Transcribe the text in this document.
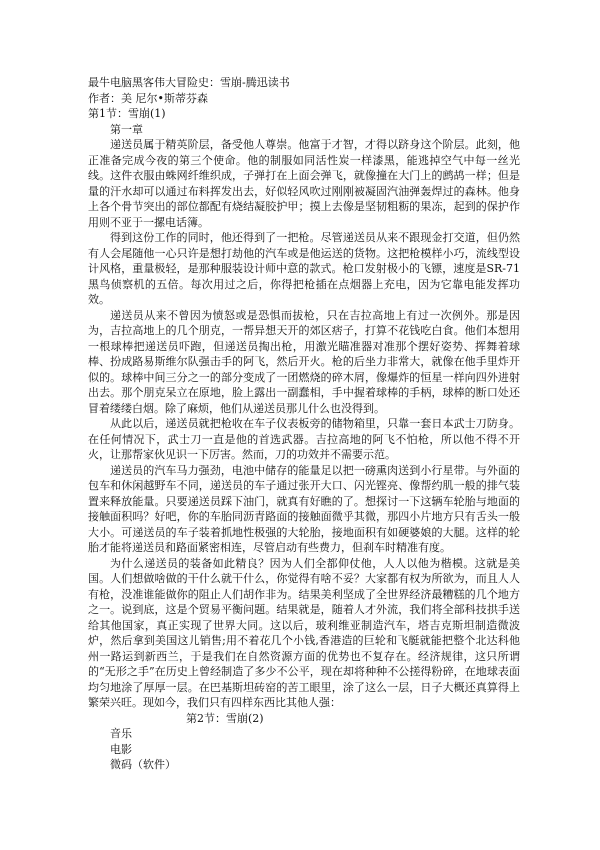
最牛电脑黑客伟大冒险史：雪崩-腾迅读书
作者：美 尼尔•斯蒂芬森
第1节：雪崩(1)
第一章

递送员属于精英阶层，备受他人尊崇。他富于才智，才得以跻身这个阶层。此刻，他正准备完成今夜的第三个使命。他的制服如同活性炭一样漆黑，能逃掉空气中每一丝光线。这件衣服由蛛网纤维织成，子弹打在上面会弹飞，就像撞在大门上的鹧鸪一样；但是量的汗水却可以通过布料挥发出去，好似轻风吹过刚刚被凝固汽油弹轰焊过的森林。他身上各个骨节突出的部位都配有烧结凝胶护甲；摸上去像是坚韧粗粝的果冻，起到的保护作用则不亚于一摞电话簿。

得到这份工作的同时，他还得到了一把枪。尽管递送员从来不跟现金打交道，但仍然有人会尾随他一心只许是想打劫他的汽车或是他运送的货物。这把枪模样小巧，流线型设计风格，重量极轻，是那种服装设计师中意的款式。枪口发射极小的飞镖，速度是SR-71黑鸟侦察机的五倍。每次用过之后，你得把枪插在点烟器上充电，因为它靠电能发挥功效。

递送员从来不曾因为愤怒或是恐惧而拔枪，只在吉拉高地上有过一次例外。那是因为，吉拉高地上的几个朋克，一帮异想天开的郊区痞子，打算不花钱吃白食。他们本想用一根球棒把递送员吓跑，但递送员掏出枪，用激光瞄准器对准那个摆好姿势、挥舞着球棒、扮成路易斯维尔队强击手的阿飞，然后开火。枪的后坐力非常大，就像在他手里炸开似的。球棒中间三分之一的部分变成了一团燃烧的碎木屑，像爆炸的恒星一样向四外进射出去。那个朋克呆立在原地，脸上露出一副蠢相，手中握着球棒的手柄，球棒的断口处还冒着缕缕白烟。除了麻烦，他们从递送员那儿什么也没得到。

从此以后，递送员就把枪收在车子仪表板旁的储物箱里，只靠一套日本武士刀防身。在任何情况下，武士刀一直是他的首选武器。吉拉高地的阿飞不怕枪，所以他不得不开火，让那帮家伙见识一下厉害。然而，刀的功效并不需要示范。

递送员的汽车马力强劲，电池中储存的能量足以把一磅熏肉送到小行星带。与外面的包车和休闲越野车不同，递送员的车子通过张开大口、闪光铿亮、像帮约肌一般的排气装置来释放能量。只要递送员踩下油门，就真有好瞧的了。想探讨一下这辆车轮胎与地面的接触面积吗？好吧，你的车胎同沥青路面的接触面微乎其微，那四小片地方只有舌头一般大小。可递送员的车子装着抓地性极强的大轮胎，接地面积有如硬婆娘的大腿。这样的轮胎才能将递送员和路面紧密相连，尽管启动有些费力，但刹车时精准有度。

为什么递送员的装备如此精良？因为人们全都仰仗他，人人以他为楷模。这就是美国。人们想做啥做的干什么就干什么，你觉得有啥不妥？大家都有权为所欲为，而且人人有枪，没准谁能做你的阻止人们胡作非为。结果美利坚成了全世界经济最糟糕的几个地方之一。说到底，这是个贸易平衡问题。结果就是，随着人才外流，我们将全部科技拱手送给其他国家，真正实现了世界大同。这以后，玻利维亚制造汽车，塔吉克斯坦制造微波炉，然后拿到美国这儿销售;用不着花几个小钱,香港造的巨轮和飞艇就能把整个北达科他州一路运到新西兰，于是我们在自然资源方面的优势也不复存在。经济规律，这只所谓的“无形之手”在历史上曾经制造了多少不公平，现在却将种种不公搓得粉碎，在地球表面均匀地涂了厚厚一层。在巴基斯坦砖窑的苦工眼里，涂了这么一层，日子大概还真算得上繁荣兴旺。现如今，我们只有四样东西比其他人强：

第2节：雪崩(2)
音乐
电影
微码（软件）
